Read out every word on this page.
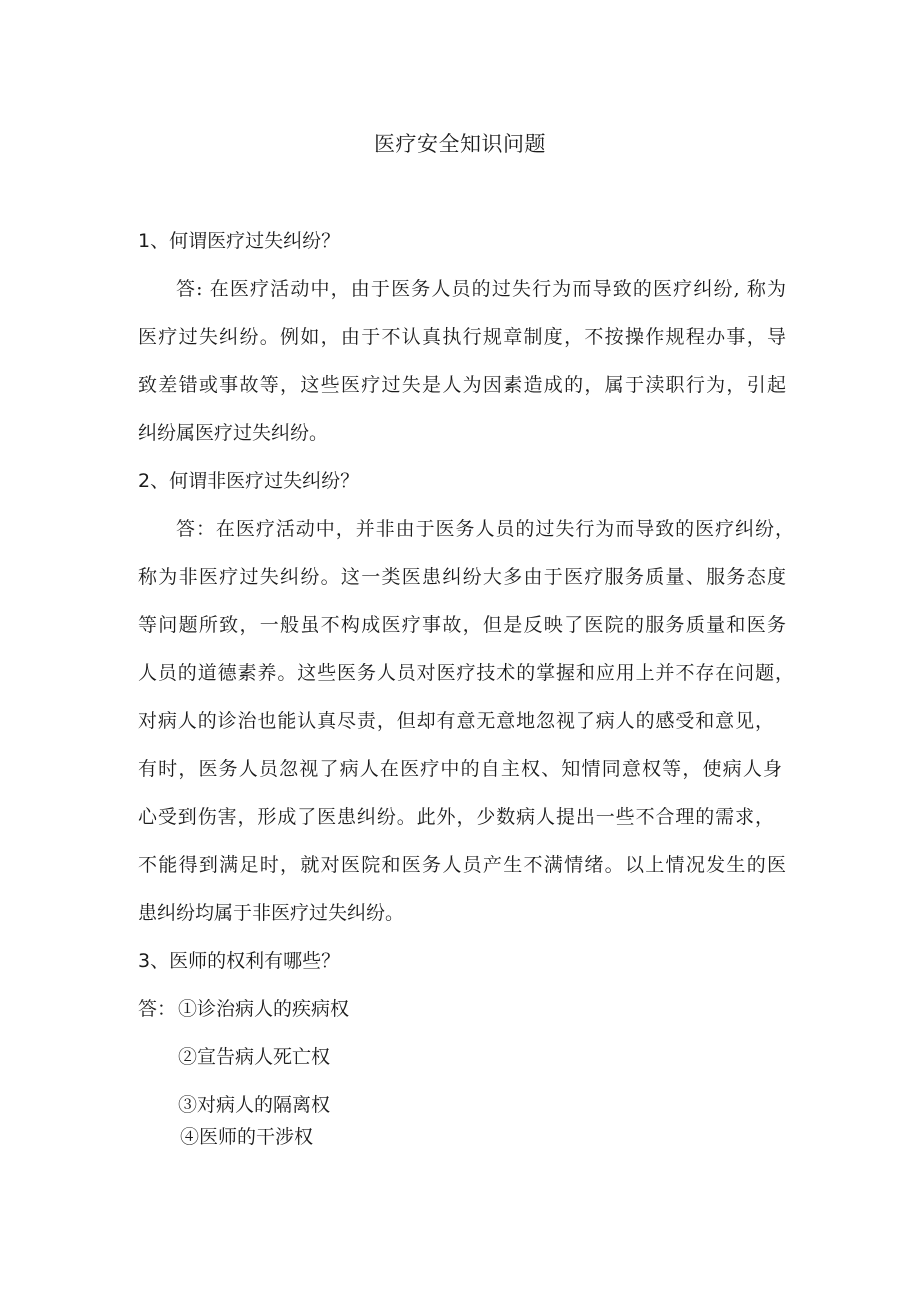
医疗安全知识问题
1、何谓医疗过失纠纷？
答: 在医疗活动中，由于医务人员的过失行为而导致的医疗纠纷, 称为
医疗过失纠纷。例如，由于不认真执行规章制度，不按操作规程办事，导
致差错或事故等，这些医疗过失是人为因素造成的，属于渎职行为，引起
纠纷属医疗过失纠纷。
2、何谓非医疗过失纠纷？
答：在医疗活动中，并非由于医务人员的过失行为而导致的医疗纠纷，
称为非医疗过失纠纷。这一类医患纠纷大多由于医疗服务质量、服务态度
等问题所致，一般虽不构成医疗事故，但是反映了医院的服务质量和医务
人员的道德素养。这些医务人员对医疗技术的掌握和应用上并不存在问题，
对病人的诊治也能认真尽责，但却有意无意地忽视了病人的感受和意见，
有时，医务人员忽视了病人在医疗中的自主权、知情同意权等，使病人身
心受到伤害，形成了医患纠纷。此外，少数病人提出一些不合理的需求，
不能得到满足时，就对医院和医务人员产生不满情绪。以上情况发生的医
患纠纷均属于非医疗过失纠纷。
3、医师的权利有哪些？
答： ①诊治病人的疾病权
②宣告病人死亡权
③对病人的隔离权
④医师的干涉权
